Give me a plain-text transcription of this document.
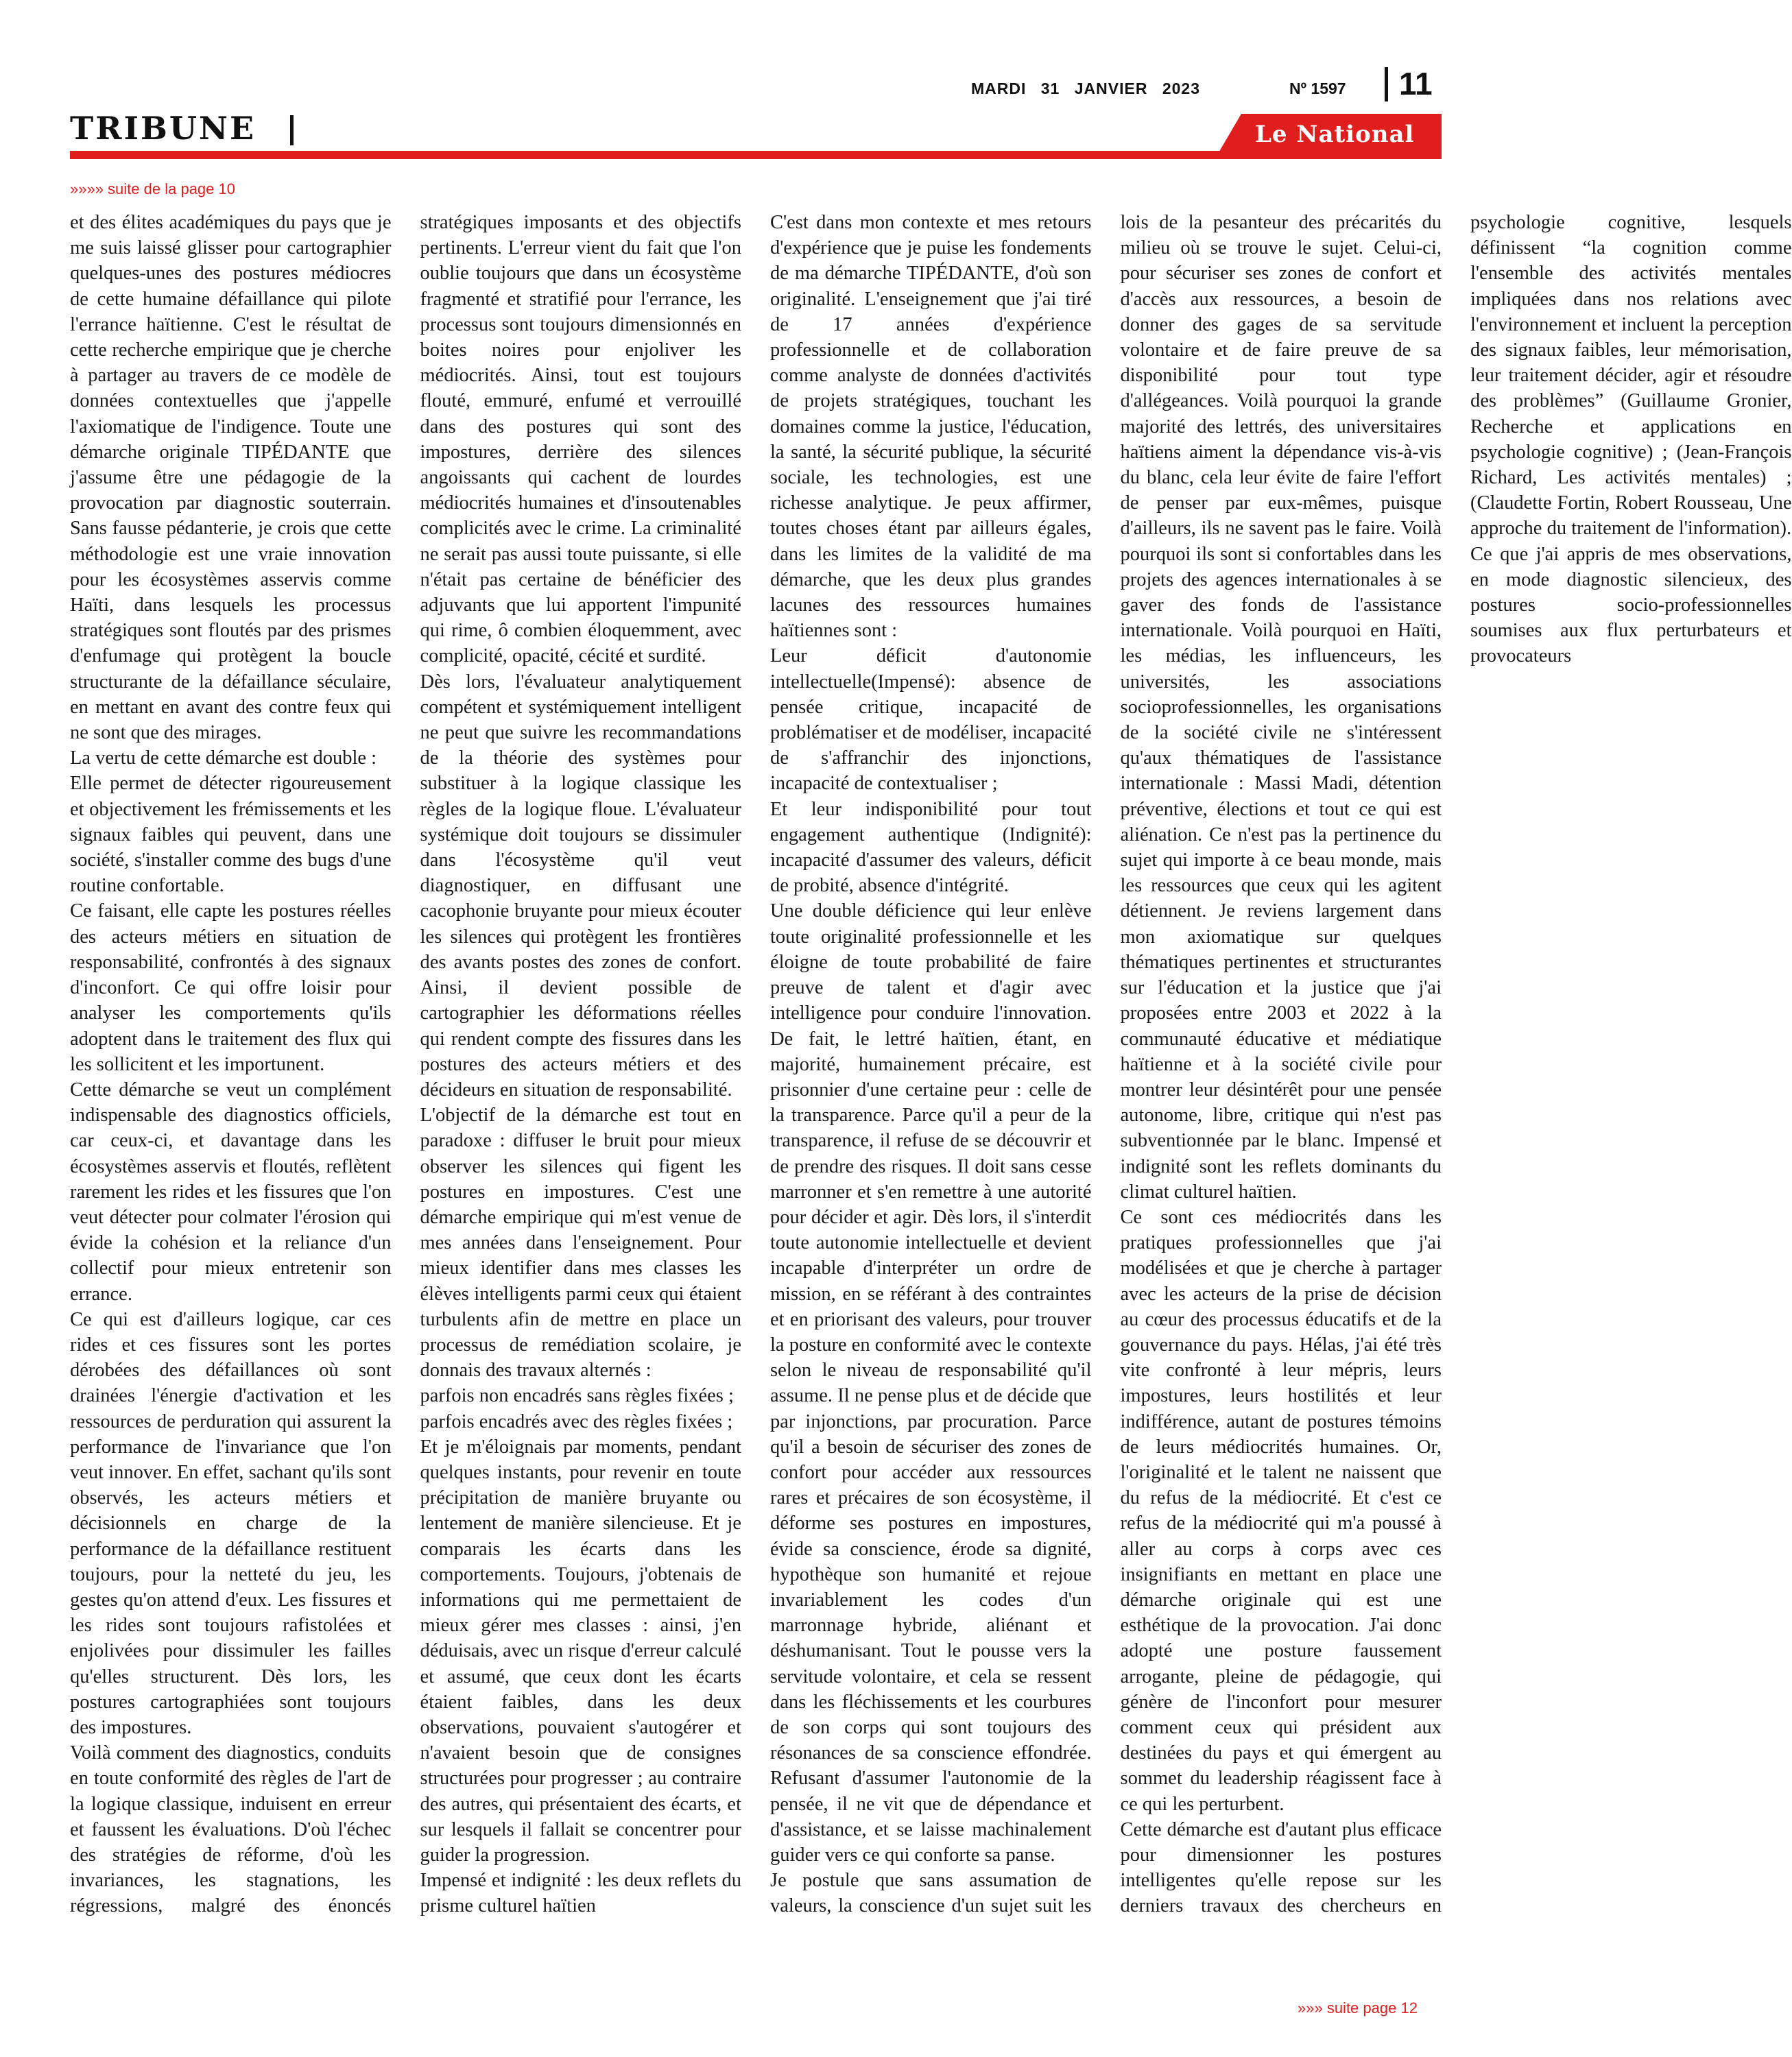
MARDI 31 JANVIER 2023	Nº 1597 11
TRIBUNE	Le National
»»»» suite de la page 10

et des élites académiques du pays que je me suis laissé glisser pour cartographier quelques-unes des postures médiocres de cette humaine défaillance qui pilote l'errance haïtienne. C'est le résultat de cette recherche empirique que je cherche à partager au travers de ce modèle de données contextuelles que j'appelle l'axiomatique de l'indigence. Toute une démarche originale TIPÉDANTE que j'assume être une pédagogie de la provocation par diagnostic souterrain. Sans fausse pédanterie, je crois que cette méthodologie est une vraie innovation pour les écosystèmes asservis comme Haïti, dans lesquels les processus stratégiques sont floutés par des prismes d'enfumage qui protègent la boucle structurante de la défaillance séculaire, en mettant en avant des contre feux qui ne sont que des mirages.

La vertu de cette démarche est double :

Elle permet de détecter rigoureusement et objectivement les frémissements et les signaux faibles qui peuvent, dans une société, s'installer comme des bugs d'une routine confortable.

Ce faisant, elle capte les postures réelles des acteurs métiers en situation de responsabilité, confrontés à des signaux d'inconfort. Ce qui offre loisir pour analyser les comportements qu'ils adoptent dans le traitement des flux qui les sollicitent et les importunent.

Cette démarche se veut un complément indispensable des diagnostics officiels, car ceux-ci, et davantage dans les écosystèmes asservis et floutés, reflètent rarement les rides et les fissures que l'on veut détecter pour colmater l'érosion qui évide la cohésion et la reliance d'un collectif pour mieux entretenir son errance.

Ce qui est d'ailleurs logique, car ces rides et ces fissures sont les portes dérobées des défaillances où sont drainées l'énergie d'activation et les ressources de perduration qui assurent la performance de l'invariance que l'on veut innover. En effet, sachant qu'ils sont observés, les acteurs métiers et décisionnels en charge de la performance de la défaillance restituent toujours, pour la netteté du jeu, les gestes qu'on attend d'eux. Les fissures et les rides sont toujours rafistolées et enjolivées pour dissimuler les failles qu'elles structurent. Dès lors, les postures cartographiées sont toujours des impostures.

Voilà comment des diagnostics, conduits en toute conformité des règles de l'art de la logique classique, induisent en erreur et faussent les évaluations. D'où l'échec des stratégies de réforme, d'où les invariances, les stagnations, les régressions, malgré des énoncés stratégiques imposants et des objectifs pertinents. L'erreur vient du fait que l'on oublie toujours que dans un écosystème fragmenté et stratifié pour l'errance, les processus sont toujours dimensionnés en boites noires pour enjoliver les médiocrités. Ainsi, tout est toujours flouté, emmuré, enfumé et verrouillé dans des postures qui sont des impostures, derrière des silences angoissants qui cachent de lourdes médiocrités humaines et d'insoutenables complicités avec le crime. La criminalité ne serait pas aussi toute puissante, si elle n'était pas certaine de bénéficier des adjuvants que lui apportent l'impunité qui rime, ô combien éloquemment, avec complicité, opacité, cécité et surdité.

Dès lors, l'évaluateur analytiquement compétent et systémiquement intelligent ne peut que suivre les recommandations de la théorie des systèmes pour substituer à la logique classique les règles de la logique floue. L'évaluateur systémique doit toujours se dissimuler dans l'écosystème qu'il veut diagnostiquer, en diffusant une cacophonie bruyante pour mieux écouter les silences qui protègent les frontières des avants postes des zones de confort. Ainsi, il devient possible de cartographier les déformations réelles qui rendent compte des fissures dans les postures des acteurs métiers et des décideurs en situation de responsabilité.

L'objectif de la démarche est tout en paradoxe : diffuser le bruit pour mieux observer les silences qui figent les postures en impostures. C'est une démarche empirique qui m'est venue de mes années dans l'enseignement. Pour mieux identifier dans mes classes les élèves intelligents parmi ceux qui étaient turbulents afin de mettre en place un processus de remédiation scolaire, je donnais des travaux alternés :

parfois non encadrés sans règles fixées ;

parfois encadrés avec des règles fixées ;

Et je m'éloignais par moments, pendant quelques instants, pour revenir en toute précipitation de manière bruyante ou lentement de manière silencieuse. Et je comparais les écarts dans les comportements. Toujours, j'obtenais de informations qui me permettaient de mieux gérer mes classes : ainsi, j'en déduisais, avec un risque d'erreur calculé et assumé, que ceux dont les écarts étaient faibles, dans les deux observations, pouvaient s'autogérer et n'avaient besoin que de consignes structurées pour progresser ; au contraire des autres, qui présentaient des écarts, et sur lesquels il fallait se concentrer pour guider la progression.

Impensé et indignité : les deux reflets du prisme culturel haïtien

C'est dans mon contexte et mes retours d'expérience que je puise les fondements de ma démarche TIPÉDANTE, d'où son originalité. L'enseignement que j'ai tiré de 17 années d'expérience professionnelle et de collaboration comme analyste de données d'activités de projets stratégiques, touchant les domaines comme la justice, l'éducation, la santé, la sécurité publique, la sécurité sociale, les technologies, est une richesse analytique. Je peux affirmer, toutes choses étant par ailleurs égales, dans les limites de la validité de ma démarche, que les deux plus grandes lacunes des ressources humaines haïtiennes sont :

Leur déficit d'autonomie intellectuelle(Impensé): absence de pensée critique, incapacité de problématiser et de modéliser, incapacité de s'affranchir des injonctions, incapacité de contextualiser ;

Et leur indisponibilité pour tout engagement authentique (Indignité): incapacité d'assumer des valeurs, déficit de probité, absence d'intégrité.

Une double déficience qui leur enlève toute originalité professionnelle et les éloigne de toute probabilité de faire preuve de talent et d'agir avec intelligence pour conduire l'innovation. De fait, le lettré haïtien, étant, en majorité, humainement précaire, est prisonnier d'une certaine peur : celle de la transparence. Parce qu'il a peur de la transparence, il refuse de se découvrir et de prendre des risques. Il doit sans cesse marronner et s'en remettre à une autorité pour décider et agir. Dès lors, il s'interdit toute autonomie intellectuelle et devient incapable d'interpréter un ordre de mission, en se référant à des contraintes et en priorisant des valeurs, pour trouver la posture en conformité avec le contexte selon le niveau de responsabilité qu'il assume. Il ne pense plus et de décide que par injonctions, par procuration. Parce qu'il a besoin de sécuriser des zones de confort pour accéder aux ressources rares et précaires de son écosystème, il déforme ses postures en impostures, évide sa conscience, érode sa dignité, hypothèque son humanité et rejoue invariablement les codes d'un marronnage hybride, aliénant et déshumanisant. Tout le pousse vers la servitude volontaire, et cela se ressent dans les fléchissements et les courbures de son corps qui sont toujours des résonances de sa conscience effondrée. Refusant d'assumer l'autonomie de la pensée, il ne vit que de dépendance et d'assistance, et se laisse machinalement guider vers ce qui conforte sa panse.

Je postule que sans assumation de valeurs, la conscience d'un sujet suit les lois de la pesanteur des précarités du milieu où se trouve le sujet. Celui-ci, pour sécuriser ses zones de confort et d'accès aux ressources, a besoin de donner des gages de sa servitude volontaire et de faire preuve de sa disponibilité pour tout type d'allégeances. Voilà pourquoi la grande majorité des lettrés, des universitaires haïtiens aiment la dépendance vis-à-vis du blanc, cela leur évite de faire l'effort de penser par eux-mêmes, puisque d'ailleurs, ils ne savent pas le faire. Voilà pourquoi ils sont si confortables dans les projets des agences internationales à se gaver des fonds de l'assistance internationale. Voilà pourquoi en Haïti, les médias, les influenceurs, les universités, les associations socioprofessionnelles, les organisations de la société civile ne s'intéressent qu'aux thématiques de l'assistance internationale : Massi Madi, détention préventive, élections et tout ce qui est aliénation. Ce n'est pas la pertinence du sujet qui importe à ce beau monde, mais les ressources que ceux qui les agitent détiennent. Je reviens largement dans mon axiomatique sur quelques thématiques pertinentes et structurantes sur l'éducation et la justice que j'ai proposées entre 2003 et 2022 à la communauté éducative et médiatique haïtienne et à la société civile pour montrer leur désintérêt pour une pensée autonome, libre, critique qui n'est pas subventionnée par le blanc. Impensé et indignité sont les reflets dominants du climat culturel haïtien.

Ce sont ces médiocrités dans les pratiques professionnelles que j'ai modélisées et que je cherche à partager avec les acteurs de la prise de décision au cœur des processus éducatifs et de la gouvernance du pays. Hélas, j'ai été très vite confronté à leur mépris, leurs impostures, leurs hostilités et leur indifférence, autant de postures témoins de leurs médiocrités humaines. Or, l'originalité et le talent ne naissent que du refus de la médiocrité. Et c'est ce refus de la médiocrité qui m'a poussé à aller au corps à corps avec ces insignifiants en mettant en place une démarche originale qui est une esthétique de la provocation. J'ai donc adopté une posture faussement arrogante, pleine de pédagogie, qui génère de l'inconfort pour mesurer comment ceux qui président aux destinées du pays et qui émergent au sommet du leadership réagissent face à ce qui les perturbent.

Cette démarche est d'autant plus efficace pour dimensionner les postures intelligentes qu'elle repose sur les derniers travaux des chercheurs en psychologie cognitive, lesquels définissent “la cognition comme l'ensemble des activités mentales impliquées dans nos relations avec l'environnement et incluent la perception des signaux faibles, leur mémorisation, leur traitement décider, agir et résoudre des problèmes” (Guillaume Gronier, Recherche et applications en psychologie cognitive) ; (Jean-François Richard, Les activités mentales) ; (Claudette Fortin, Robert Rousseau, Une approche du traitement de l'information).

Ce que j'ai appris de mes observations, en mode diagnostic silencieux, des postures socio-professionnelles soumises aux flux perturbateurs et provocateurs

»»» suite page 12
